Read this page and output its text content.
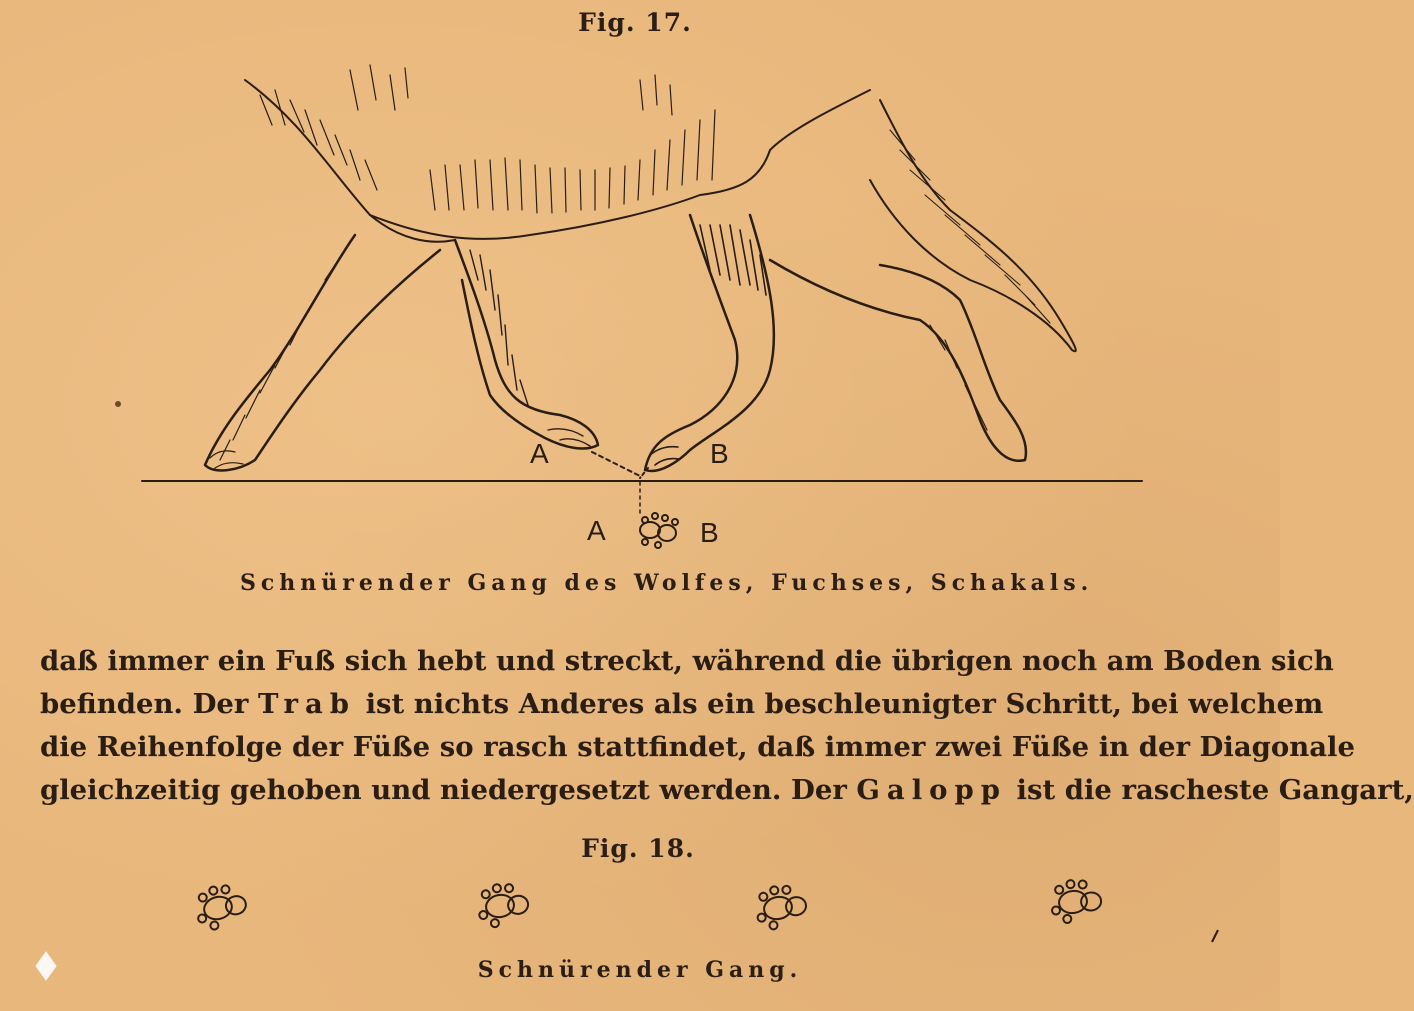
Fig. 17.
A	B
A	B
Schnürender Gang des Wolfes, Fuchses, Schakals.
daß immer ein Fuß sich hebt und streckt, während die übrigen noch am Boden sich
befinden. Der Trab ist nichts Anderes als ein beschleunigter Schritt, bei welchem
die Reihenfolge der Füße so rasch stattfindet, daß immer zwei Füße in der Diagonale
gleichzeitig gehoben und niedergesetzt werden. Der Galopp ist die rascheste Gangart,
Fig. 18.
Schnürender Gang.
